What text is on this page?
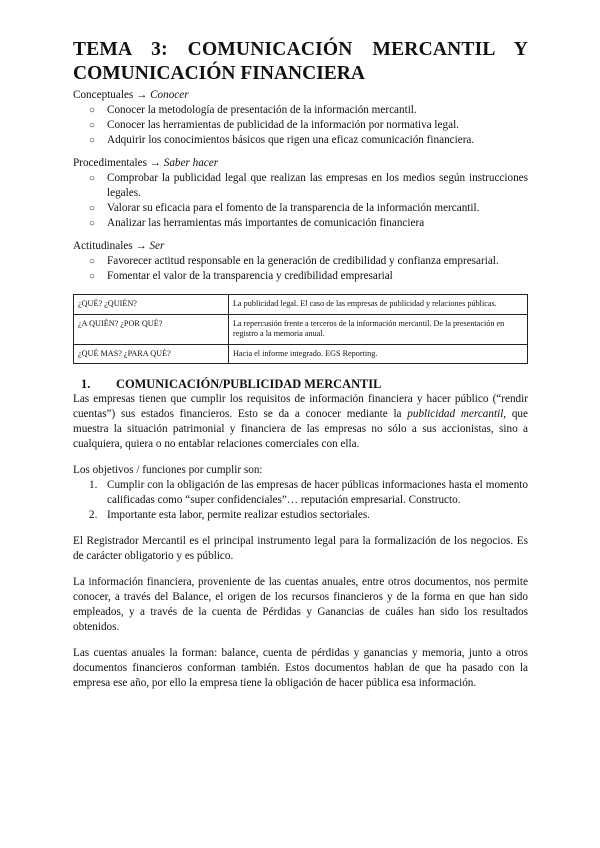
TEMA 3: COMUNICACIÓN MERCANTIL Y
COMUNICACIÓN FINANCIERA

Conceptuales → Conocer

○ Conocer la metodología de presentación de la información mercantil.
○ Conocer las herramientas de publicidad de la información por normativa legal.
○ Adquirir los conocimientos básicos que rigen una eficaz comunicación financiera.

Procedimentales → Saber hacer

○ Comprobar la publicidad legal que realizan las empresas en los medios según instrucciones legales.
○ Valorar su eficacia para el fomento de la transparencia de la información mercantil.
○ Analizar las herramientas más importantes de comunicación financiera

Actitudinales → Ser

○ Favorecer actitud responsable en la generación de credibilidad y confianza empresarial.
○ Fomentar el valor de la transparencia y credibilidad empresarial
¿QUÉ? ¿QUIÉN?	La publicidad legal. El caso de las empresas de publicidad y relaciones públicas.
¿A QUIÉN? ¿POR QUÉ?	La repercusión frente a terceros de la información mercantil. De la presentación en registro a la memoria anual.
¿QUÉ MAS? ¿PARA QUÉ?	Hacia el informe integrado. EGS Reporting.
1. COMUNICACIÓN/PUBLICIDAD MERCANTIL

Las empresas tienen que cumplir los requisitos de información financiera y hacer público (“rendir cuentas”) sus estados financieros. Esto se da a conocer mediante la publicidad mercantil, que muestra la situación patrimonial y financiera de las empresas no sólo a sus accionistas, sino a cualquiera, quiera o no entablar relaciones comerciales con ella.

Los objetivos / funciones por cumplir son:

1. Cumplir con la obligación de las empresas de hacer públicas informaciones hasta el momento calificadas como “super confidenciales”… reputación empresarial. Constructo.
2. Importante esta labor, permite realizar estudios sectoriales.

El Registrador Mercantil es el principal instrumento legal para la formalización de los negocios. Es de carácter obligatorio y es público.

La información financiera, proveniente de las cuentas anuales, entre otros documentos, nos permite conocer, a través del Balance, el origen de los recursos financieros y de la forma en que han sido empleados, y a través de la cuenta de Pérdidas y Ganancias de cuáles han sido los resultados obtenidos.

Las cuentas anuales la forman: balance, cuenta de pérdidas y ganancias y memoria, junto a otros documentos financieros conforman también. Estos documentos hablan de que ha pasado con la empresa ese año, por ello la empresa tiene la obligación de hacer pública esa información.
